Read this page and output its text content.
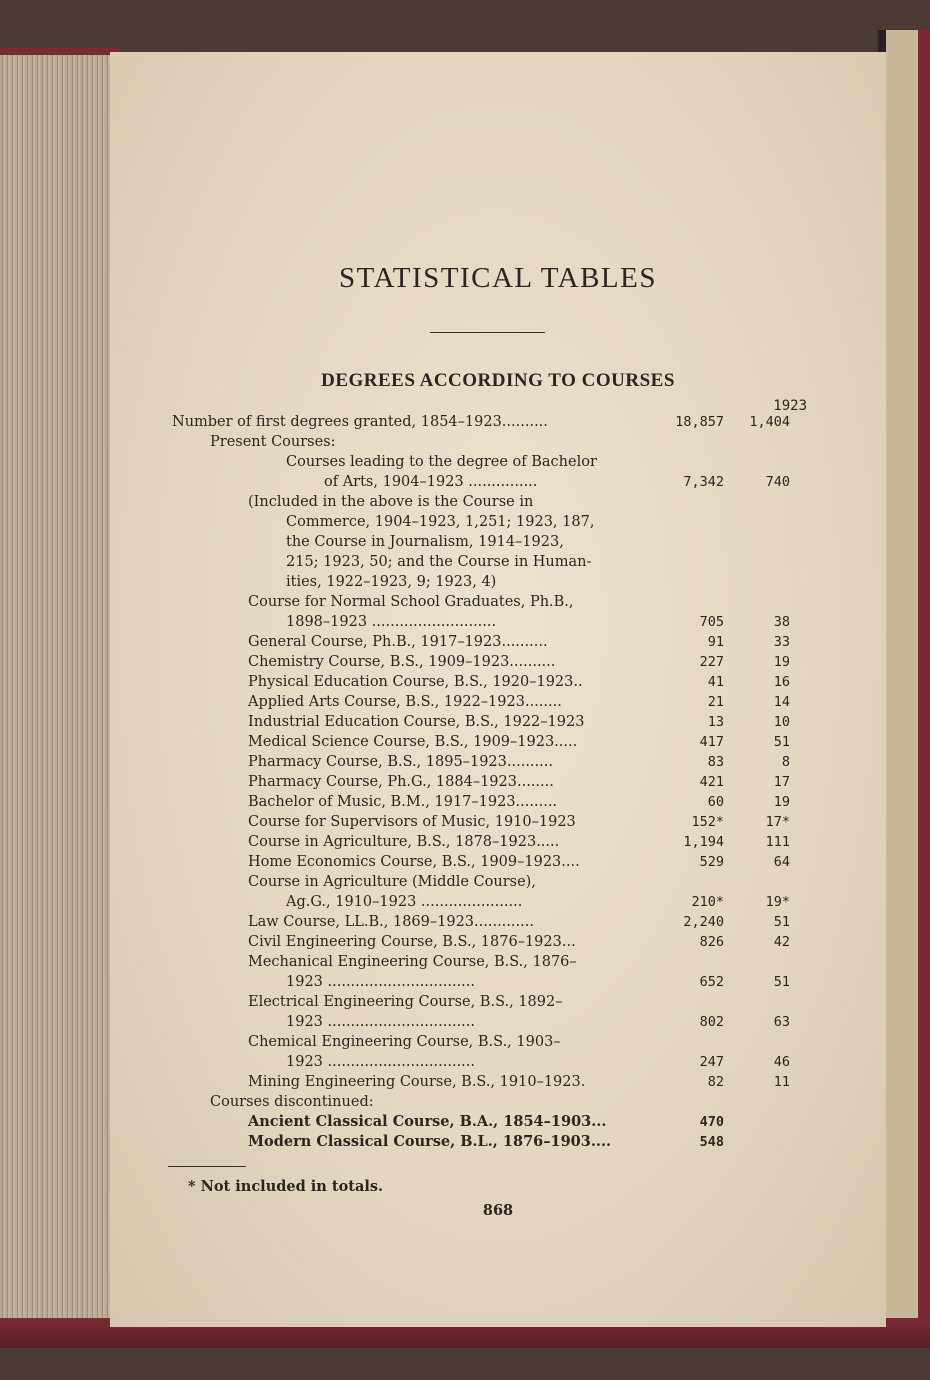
STATISTICAL TABLES
DEGREES ACCORDING TO COURSES
1923
Number of first degrees granted, 1854–1923..........	18,857	1,404
Present Courses:
Courses leading to the degree of Bachelor
of Arts, 1904–1923 ...............	7,342	740
(Included in the above is the Course in
Commerce, 1904–1923, 1,251; 1923, 187,
the Course in Journalism, 1914–1923,
215; 1923, 50; and the Course in Human-
ities, 1922–1923, 9; 1923, 4)
Course for Normal School Graduates, Ph.B.,
1898–1923 ...........................	705	38
General Course, Ph.B., 1917–1923..........	91	33
Chemistry Course, B.S., 1909–1923..........	227	19
Physical Education Course, B.S., 1920–1923..	41	16
Applied Arts Course, B.S., 1922–1923........	21	14
Industrial Education Course, B.S., 1922–1923	13	10
Medical Science Course, B.S., 1909–1923.....	417	51
Pharmacy Course, B.S., 1895–1923..........	83	8
Pharmacy Course, Ph.G., 1884–1923........	421	17
Bachelor of Music, B.M., 1917–1923.........	60	19
Course for Supervisors of Music, 1910–1923	152*	17*
Course in Agriculture, B.S., 1878–1923.....	1,194	111
Home Economics Course, B.S., 1909–1923....	529	64
Course in Agriculture (Middle Course),
Ag.G., 1910–1923 ......................	210*	19*
Law Course, LL.B., 1869–1923.............	2,240	51
Civil Engineering Course, B.S., 1876–1923...	826	42
Mechanical Engineering Course, B.S., 1876–
1923 ................................	652	51
Electrical Engineering Course, B.S., 1892–
1923 ................................	802	63
Chemical Engineering Course, B.S., 1903–
1923 ................................	247	46
Mining Engineering Course, B.S., 1910–1923.	82	11
Courses discontinued:
Ancient Classical Course, B.A., 1854–1903...	470
Modern Classical Course, B.L., 1876–1903....	548
* Not included in totals.
868
